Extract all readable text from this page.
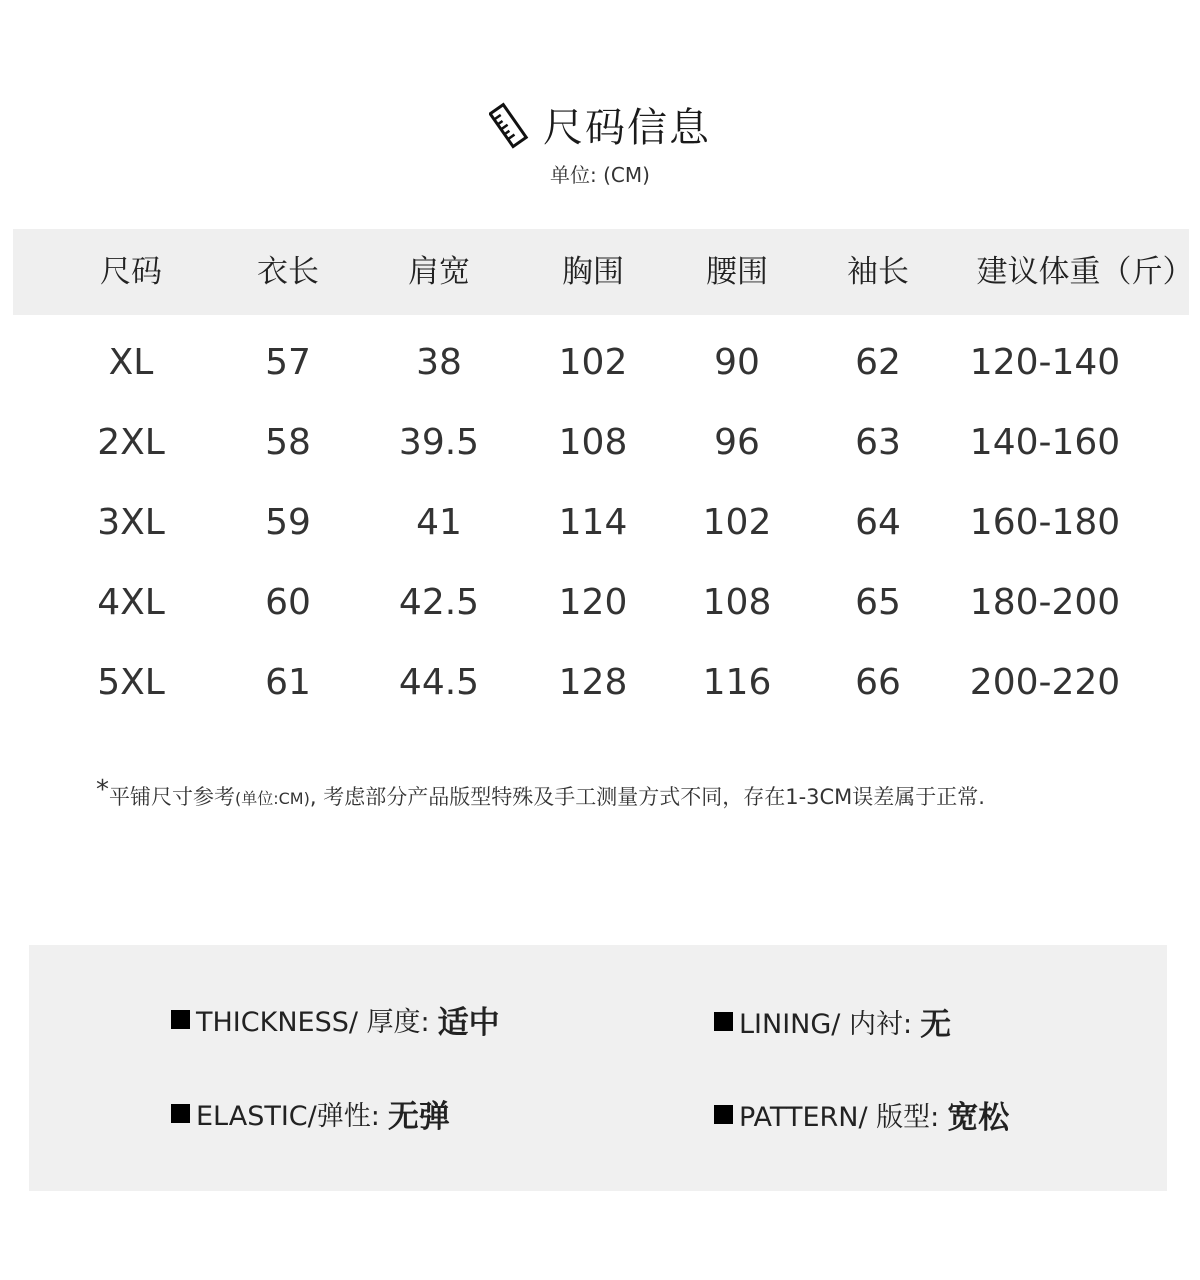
尺码信息
单位: (CM)
尺码	衣长	肩宽	胸围	腰围	袖长 建议体重（斤）
XL	57	38	102 90	62 120-140
2XL	58 39.5 108 96	63 140-160
3XL	59	41	114 102 64 160-180
4XL	60 42.5 120 108 65 180-200
5XL	61 44.5 128 116 66 200-220
*平铺尺寸参考(单位:CM), 考虑部分产品版型特殊及手工测量方式不同，存在1-3CM误差属于正常.
THICKNESS/ 厚度: 适中	LINING/ 内衬: 无
ELASTIC/弹性: 无弹	PATTERN/ 版型: 宽松
